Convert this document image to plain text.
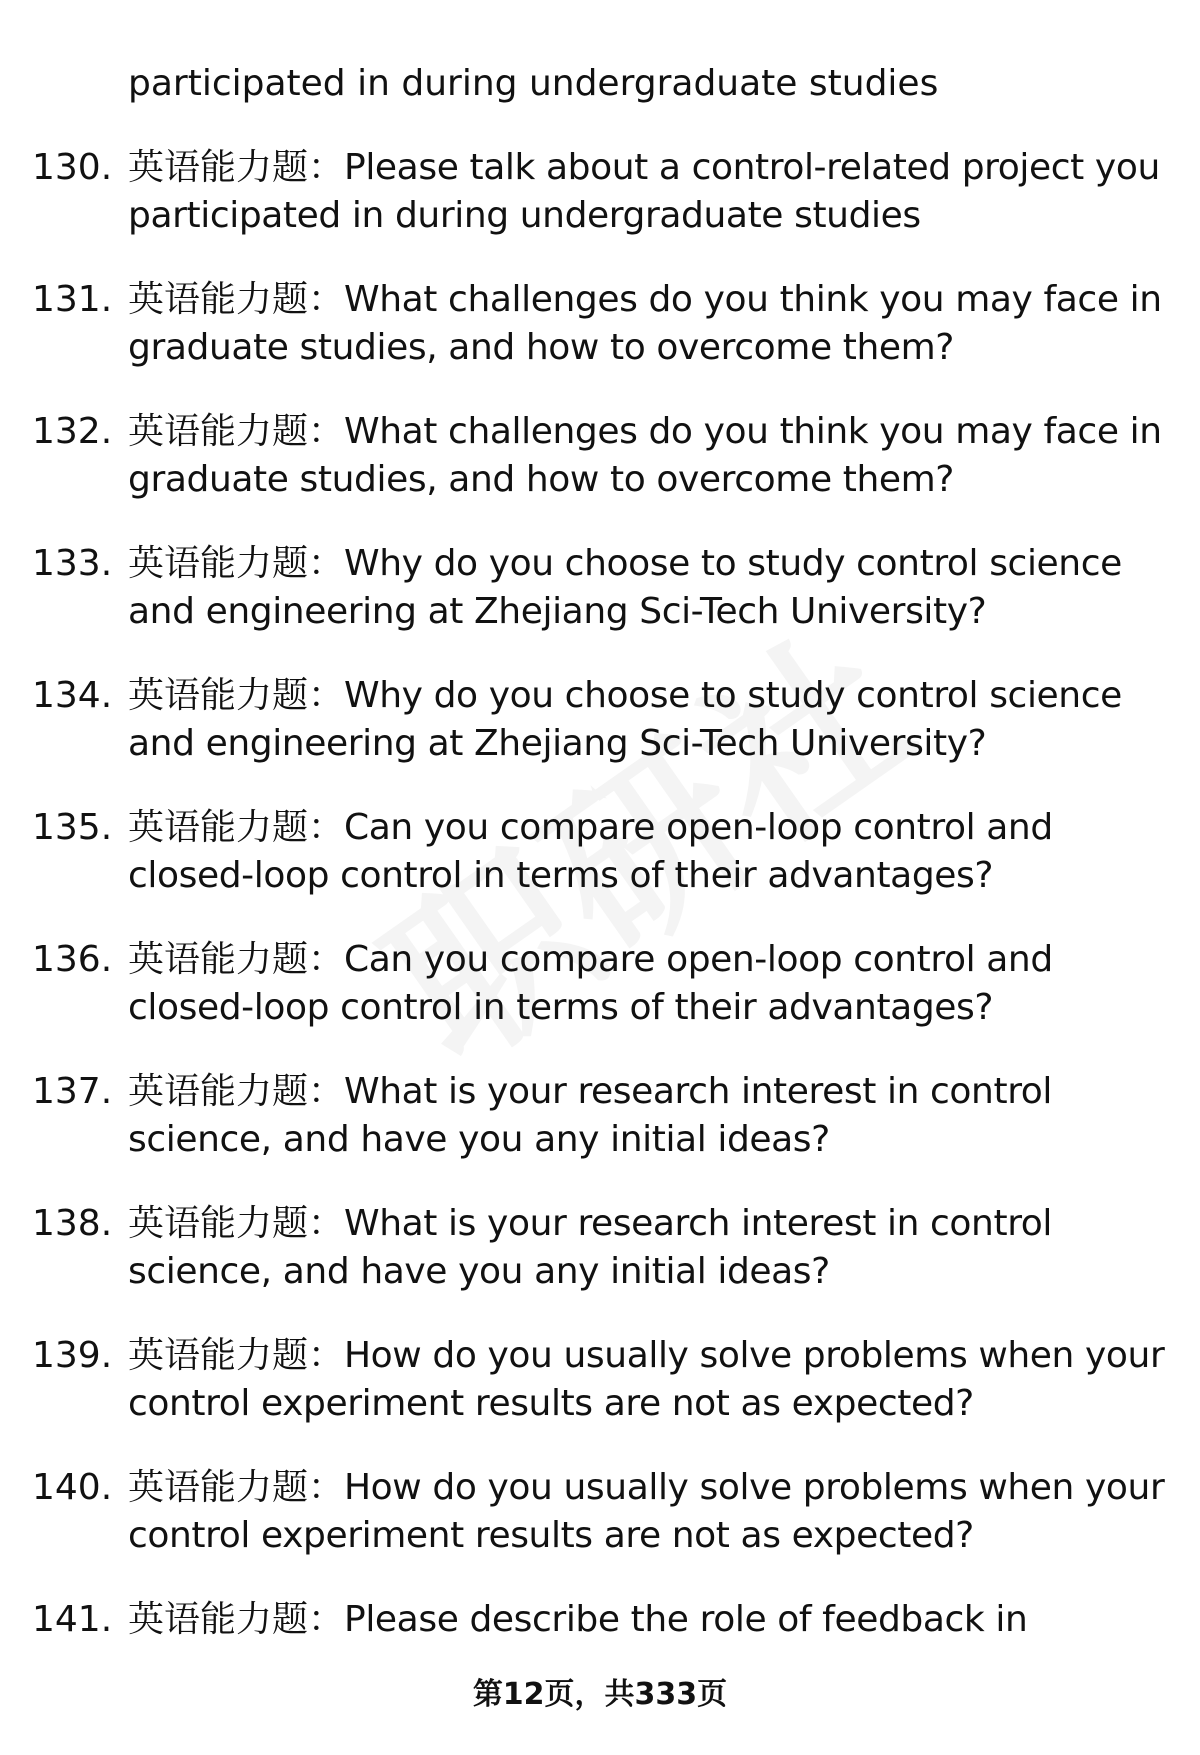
participated in during undergraduate studies
130. 英语能力题：Please talk about a control-related project you participated in during undergraduate studies
131. 英语能力题：What challenges do you think you may face in graduate studies, and how to overcome them?
132. 英语能力题：What challenges do you think you may face in graduate studies, and how to overcome them?
133. 英语能力题：Why do you choose to study control science and engineering at Zhejiang Sci-Tech University?
134. 英语能力题：Why do you choose to study control science and engineering at Zhejiang Sci-Tech University?
135. 英语能力题：Can you compare open-loop control and closed-loop control in terms of their advantages?
136. 英语能力题：Can you compare open-loop control and closed-loop control in terms of their advantages?
137. 英语能力题：What is your research interest in control science, and have you any initial ideas?
138. 英语能力题：What is your research interest in control science, and have you any initial ideas?
139. 英语能力题：How do you usually solve problems when your control experiment results are not as expected?
140. 英语能力题：How do you usually solve problems when your control experiment results are not as expected?
141. 英语能力题：Please describe the role of feedback in
第12页，共333页
